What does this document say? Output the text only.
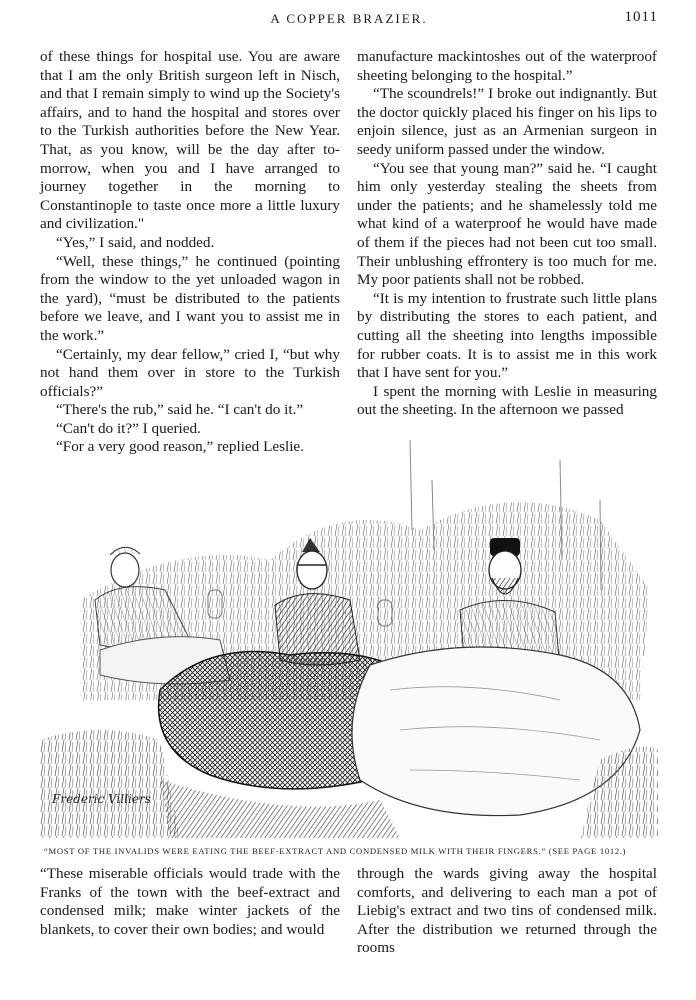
A COPPER BRAZIER.	1011

of these things for hospital use. You are aware that I am the only British surgeon left in Nisch, and that I remain simply to wind up the Society's affairs, and to hand the hospital and stores over to the Turkish authorities before the New Year. That, as you know, will be the day after to-morrow, when you and I have arranged to journey together in the morning to Constantinople to taste once more a little luxury and civilization."

“Yes,” I said, and nodded.

“Well, these things,” he continued (pointing from the window to the yet unloaded wagon in the yard), “must be distributed to the patients before we leave, and I want you to assist me in the work.”

“Certainly, my dear fellow,” cried I, “but why not hand them over in store to the Turkish officials?”

“There's the rub,” said he. “I can't do it.”

“Can't do it?” I queried.

“For a very good reason,” replied Leslie.

manufacture mackintoshes out of the waterproof sheeting belonging to the hospital.”

“The scoundrels!” I broke out indignantly. But the doctor quickly placed his finger on his lips to enjoin silence, just as an Armenian surgeon in seedy uniform passed under the window.

“You see that young man?” said he. “I caught him only yesterday stealing the sheets from under the patients; and he shamelessly told me what kind of a waterproof he would have made of them if the pieces had not been cut too small. Their unblushing effrontery is too much for me. My poor patients shall not be robbed.

“It is my intention to frustrate such little plans by distributing the stores to each patient, and cutting all the sheeting into lengths impossible for rubber coats. It is to assist me in this work that I have sent for you.”

I spent the morning with Leslie in measuring out the sheeting. In the afternoon we passed

Frederic Villiers
“MOST OF THE INVALIDS WERE EATING THE BEEF-EXTRACT AND CONDENSED MILK WITH THEIR FINGERS.” (SEE PAGE 1012.)

“These miserable officials would trade with the Franks of the town with the beef-extract and condensed milk; make winter jackets of the blankets, to cover their own bodies; and would

through the wards giving away the hospital comforts, and delivering to each man a pot of Liebig's extract and two tins of condensed milk. After the distribution we returned through the rooms
